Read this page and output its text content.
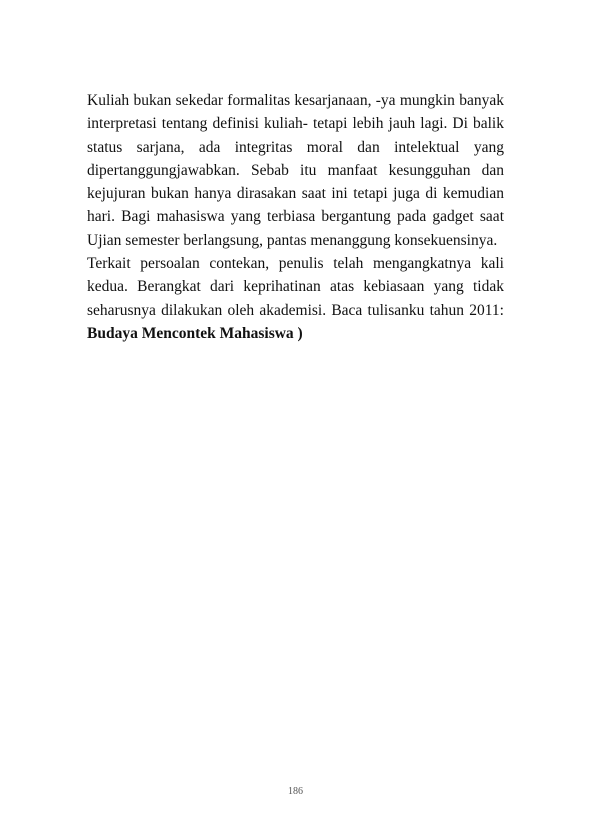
Kuliah bukan sekedar formalitas kesarjanaan, -ya mungkin banyak interpretasi tentang definisi kuliah- tetapi lebih jauh lagi. Di balik status sarjana, ada integritas moral dan intelektual yang dipertanggungjawabkan. Sebab itu manfaat kesungguhan dan kejujuran bukan hanya dirasakan saat ini tetapi juga di kemudian hari. Bagi mahasiswa yang terbiasa bergantung pada gadget saat Ujian semester berlangsung, pantas menanggung konsekuensinya.

Terkait persoalan contekan, penulis telah mengangkatnya kali kedua. Berangkat dari keprihatinan atas kebiasaan yang tidak seharusnya dilakukan oleh akademisi. Baca tulisanku tahun 2011: Budaya Mencontek Mahasiswa )

186
